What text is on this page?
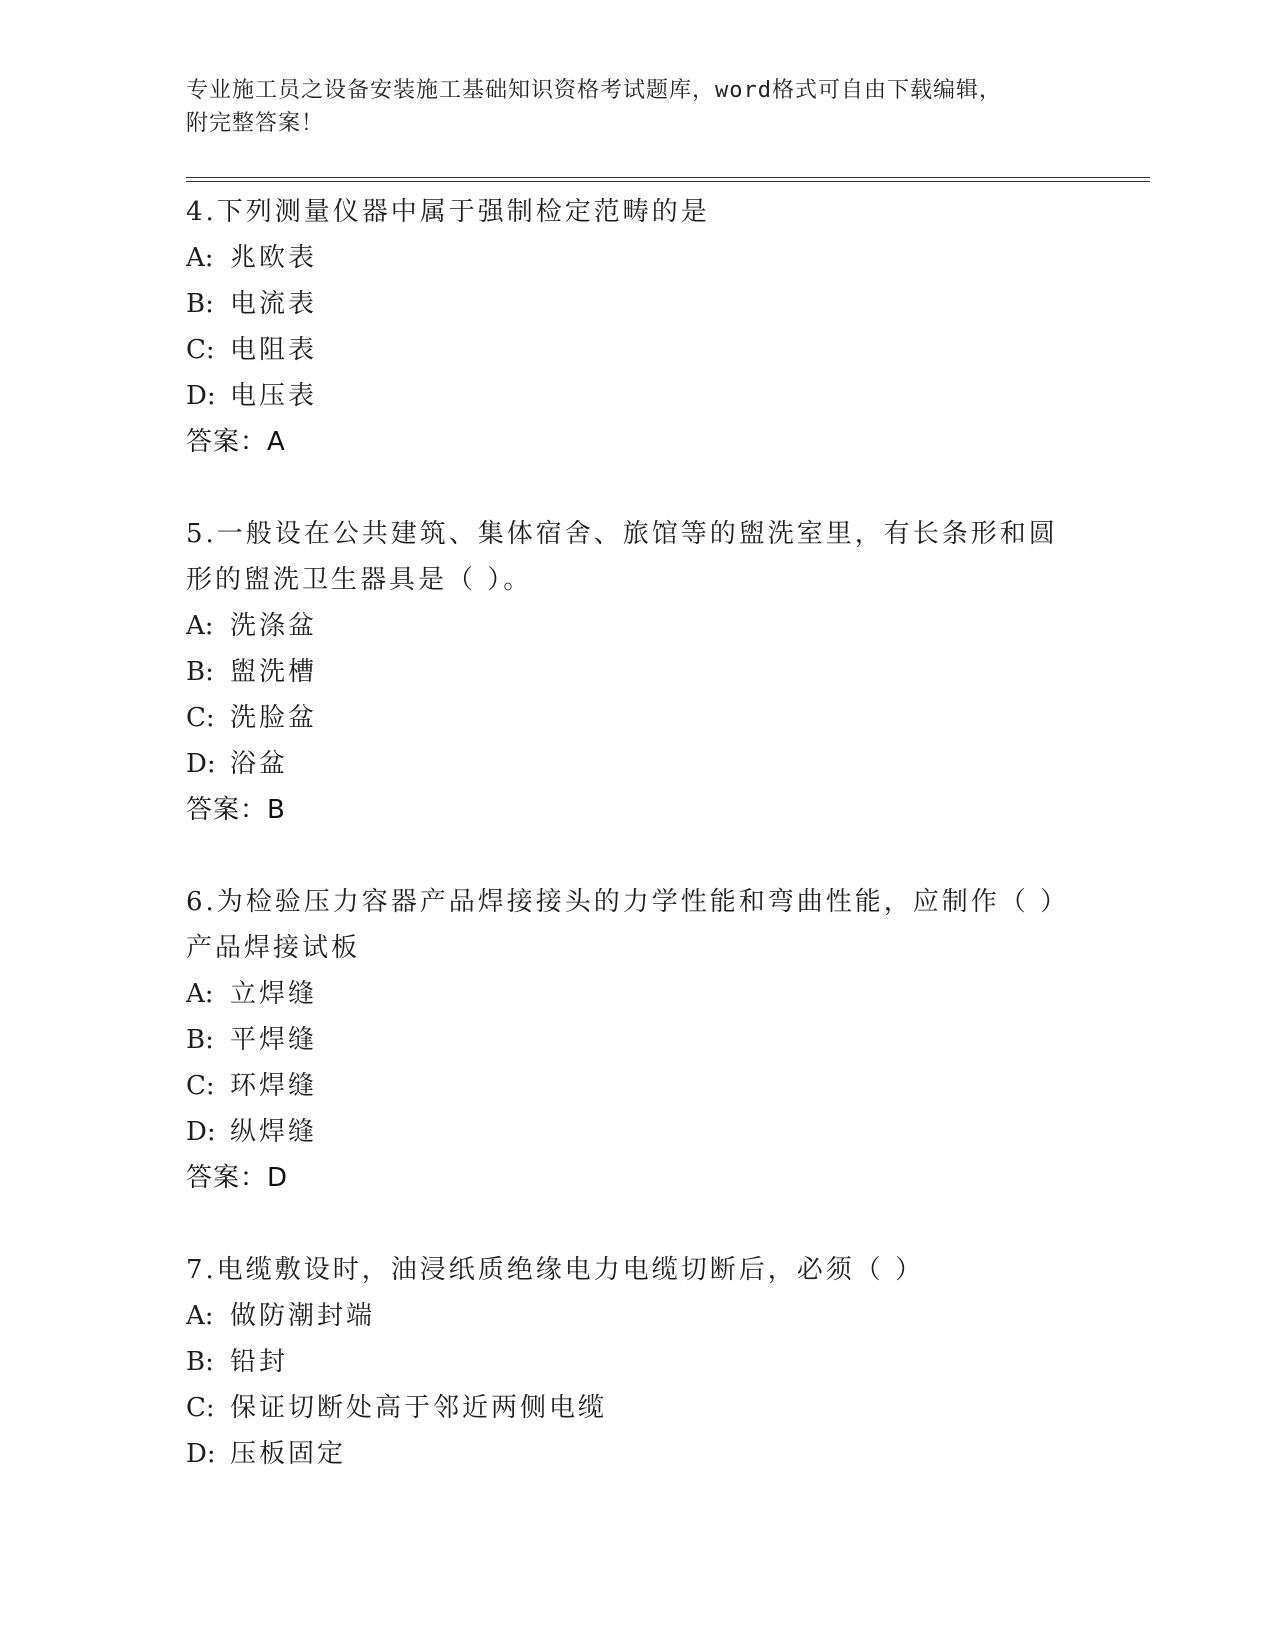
专业施工员之设备安装施工基础知识资格考试题库，word格式可自由下载编辑，
附完整答案！
4.下列测量仪器中属于强制检定范畴的是
A: 兆欧表
B: 电流表
C: 电阻表
D: 电压表
答案：A
5.一般设在公共建筑、集体宿舍、旅馆等的盥洗室里，有长条形和圆
形的盥洗卫生器具是（ ）。
A: 洗涤盆
B: 盥洗槽
C: 洗脸盆
D: 浴盆
答案：B
6.为检验压力容器产品焊接接头的力学性能和弯曲性能，应制作（ ）
产品焊接试板
A: 立焊缝
B: 平焊缝
C: 环焊缝
D: 纵焊缝
答案：D
7.电缆敷设时，油浸纸质绝缘电力电缆切断后，必须（ ）
A: 做防潮封端
B: 铅封
C: 保证切断处高于邻近两侧电缆
D: 压板固定
